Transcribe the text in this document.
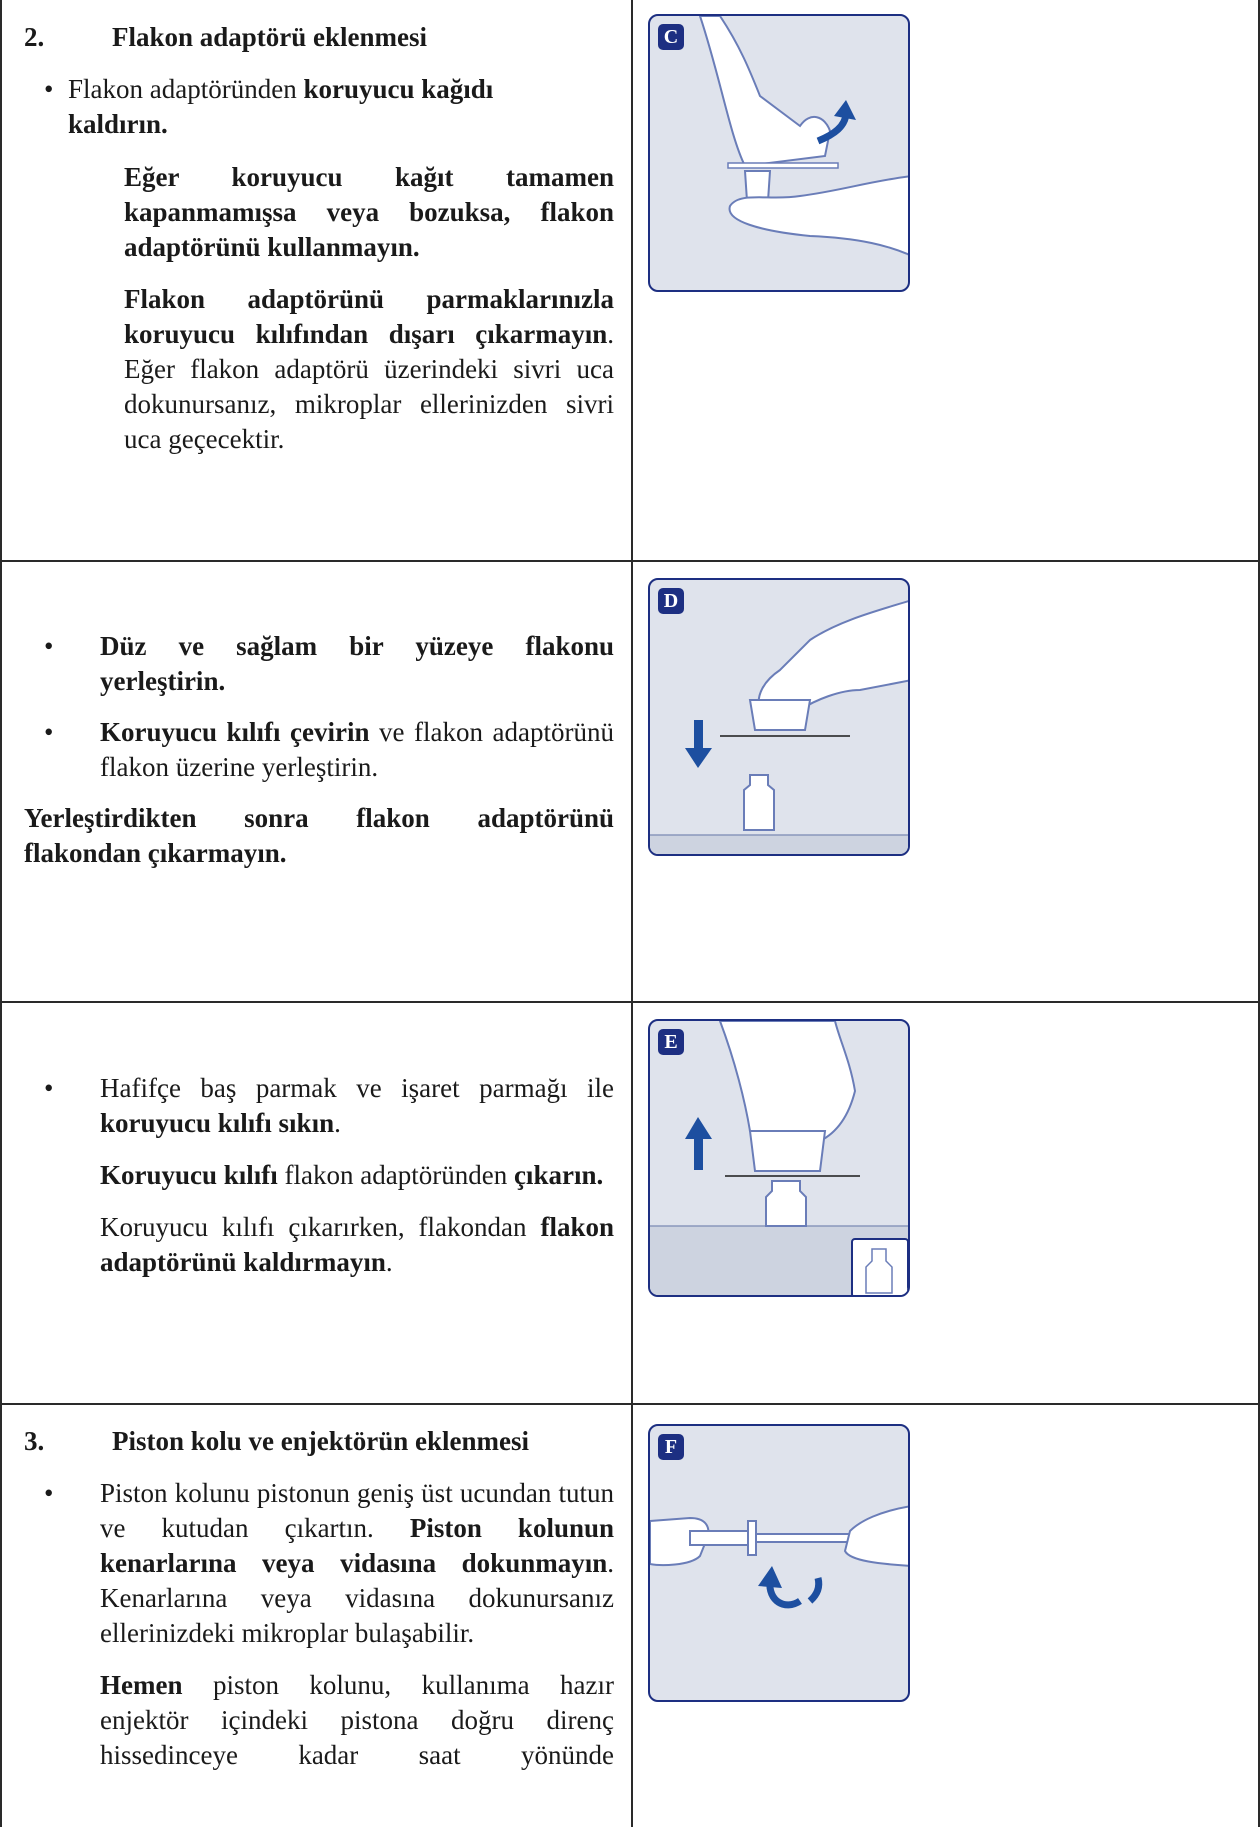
2.	Flakon adaptörü eklenmesi

• Flakon adaptöründen koruyucu kağıdı
kaldırın.

Eğer koruyucu kağıt tamamen kapanmamışsa veya bozuksa, flakon adaptörünü kullanmayın.

Flakon adaptörünü parmaklarınızla koruyucu kılıfından dışarı çıkarmayın. Eğer flakon adaptörü üzerindeki sivri uca dokunursanız, mikroplar ellerinizden sivri uca geçecektir.

C

• Düz ve sağlam bir yüzeye flakonu yerleştirin.

• Koruyucu kılıfı çevirin ve flakon adaptörünü flakon üzerine yerleştirin.

Yerleştirdikten sonra flakon adaptörünü flakondan çıkarmayın.

D

• Hafifçe baş parmak ve işaret parmağı ile koruyucu kılıfı sıkın.

Koruyucu kılıfı flakon adaptöründen çıkarın.

Koruyucu kılıfı çıkarırken, flakondan flakon adaptörünü kaldırmayın.

E
3.	Piston kolu ve enjektörün eklenmesi

• Piston kolunu pistonun geniş üst ucundan tutun ve kutudan çıkartın. Piston kolunun kenarlarına veya vidasına dokunmayın. Kenarlarına veya vidasına dokunursanız ellerinizdeki mikroplar bulaşabilir.

Hemen piston kolunu, kullanıma hazır enjektör içindeki pistona doğru direnç hissedinceye kadar saat yönünde

F
